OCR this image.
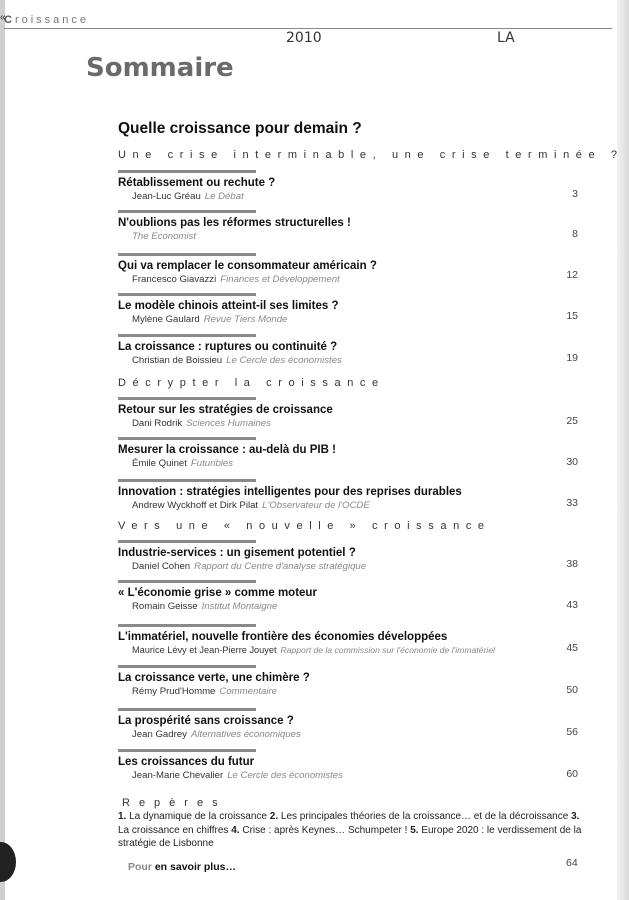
«
Croissance
2010	LA
Sommaire
Quelle croissance pour demain ?
Une crise interminable, une crise terminée ?
Rétablissement ou rechute ?
Jean-Luc Gréau Le Débat	3
N'oublions pas les réformes structurelles !
The Economist	8
Qui va remplacer le consommateur américain ?
Francesco Giavazzi Finances et Développement	12
Le modèle chinois atteint-il ses limites ?
Mylène Gaulard Revue Tiers Monde	15
La croissance : ruptures ou continuité ?
Christian de Boissieu Le Cercle des économistes	19
Décrypter la croissance
Retour sur les stratégies de croissance
Dani Rodrik Sciences Humaines	25
Mesurer la croissance : au-delà du PIB !
Émile Quinet Futuribles	30
Innovation : stratégies intelligentes pour des reprises durables
Andrew Wyckhoff et Dirk Pilat L'Observateur de l'OCDE	33
Vers une « nouvelle » croissance
Industrie-services : un gisement potentiel ?
Daniel Cohen Rapport du Centre d'analyse stratégique	38
« L'économie grise » comme moteur
Romain Geisse Institut Montaigne	43
L'immatériel, nouvelle frontière des économies développées
Maurice Lévy et Jean-Pierre Jouyet Rapport de la commission sur l'économie de l'immatériel	45
La croissance verte, une chimère ?
Rémy Prud'Homme Commentaire	50
La prospérité sans croissance ?
Jean Gadrey Alternatives économiques	56
Les croissances du futur
Jean-Marie Chevalier Le Cercle des économistes	60
Repères
1. La dynamique de la croissance 2. Les principales théories de la croissance… et de la décroissance 3. La croissance en chiffres 4. Crise : après Keynes… Schumpeter ! 5. Europe 2020 : le verdissement de la stratégie de Lisbonne
Pour en savoir plus…	64
